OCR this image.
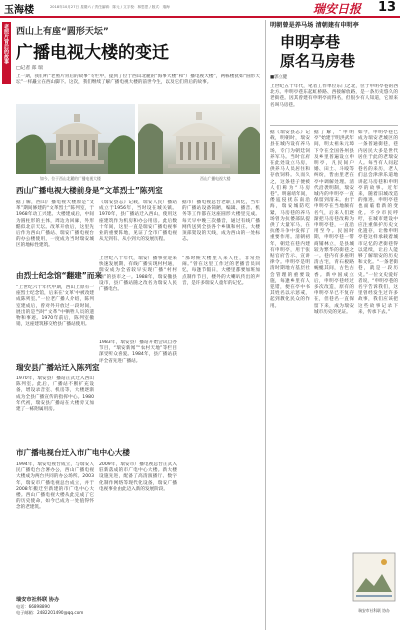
玉海楼	2018年10月27日 星期六 / 责任编辑：陈元 / 文字校：林思思 / 版式：瑞海	瑞安日报 13
老照片背后的故事 西山上有座“圆形天坛”
广播电视大楼的变迁
□记者 郑 瑞
上一期，我们听“老照片背后的故事”专栏中，提到了位于西山北麓的“海事大楼”和“广播电视大楼”，两栋楼犹如“圆形天坛”一样矗立在西山脚下。这次，我们继续了解广播电视大楼的前世今生，以及它们背后的故事。
如今，位于西山北麓的广播电视大楼	西山广播电视大楼
西山广播电视大楼前身是“文革烈士”陈列室
据了解，西山广播电视大楼原是“文革”期间修建的“文革烈士”陈列室，于1968年动工兴建。大楼建成后，中间为圆柱形的主体，周边为回廊，外形酷似北京天坛。改革开放后，这里先后作为西山广播站、瑞安广播电视台的办公楼使用，一度成为当时瑞安城区的地标性建筑。
《瑞安县志》记载，瑞安人民广播站成立于1956年，当时设在城关镇。1970年，县广播站迁入西山，使用这座建筑作为机房和办公用房。此后数十年间，这里一直是瑞安广播电视事业的重要阵地，见证了全市广播电视从无到有、从小到大的发展历程。
据市广播电视总台老职工回忆，当年的广播站设备简陋，编辑、播音、机务等工作都在这座圆形大楼里完成。每天早中晚三次播音，通过有线广播网传送到全县各个乡镇和村庄。大楼顶部架设的天线，成为西山的一处标志。
由烈士纪念馆“翻建”而来
“上世纪六十年代中期，西山上原有一座烈士纪念馆，后来在‘文革’中被改建成陈列室。”一位老广播人介绍，陈列室建成后，曾对外开放过一段时间，展出的是当时“文革”中牺牲人员的遗物和事迹。1970年前后，陈列室撤销，这座建筑移交给县广播站使用。
上世纪八十年代，瑞安广播事业迎来快速发展期，有线广播实现村村通，瑞安成为全省较早实现广播“村村响”的县市之一。1988年，瑞安撤县设市，县广播站随之改名为瑞安人民广播电台。
“那时候大楼里人来人往，非常热闹。”曾在这里工作过的老播音员回忆，每逢节假日，大楼里都要加班加点制作节目，楼外的大喇叭传出的声音，是许多瑞安人童年的记忆。
瑞安县广播站迁入陈列室
1970年，瑞安县广播站正式迁入西山陈列室。此后，广播站不断扩充设备，增设录音室、机房等，大楼逐渐成为全县广播宣传的指挥中心。1980年代初，瑞安县广播站在大楼旁又加建了一栋附属用房。
1983年，瑞安县广播站开始尝试自办节目，“瑞安新闻”“农村天地”等栏目深受听众喜爱。1984年，县广播站获评全省先进广播站。
市广播电视台迁入市广电中心大楼
1994年，瑞安电视台成立，与瑞安人民广播电台合署办公，西山广播电视大楼成为两台共同的办公场所。2003年，瑞安市广播电视总台成立，并于2008年搬迁至新建的市广电中心大楼。西山广播电视大楼从此完成了它的历史使命，如今已成为一处值得怀念的老建筑。
2009年，瑞安市广播电视总台正式入驻新落成的市广电中心大楼。新大楼设施先进，配备了高清演播厅、数字化制作网络等现代化设备，瑞安广播电视事业由此迈入新的发展阶段。
瑞安市社科联 协办
电话：66898890
电子邮箱：2482201490@qq.com
明朝曾是养马场 清朝建有申明亭
申明亭巷
原名马房巷
■郭立健
上世纪五十年代，笔者工作单位东门之北，位于申明亭巷的西北方。申明亭巷东起虹桥路、西接解放路，是一条历史悠久的老街巷。因其曾建有申明亭而得名，但很少有人知道，它原来名叫马房巷。
据《瑞安县志》记载，明朝时，瑞安县在城内设有养马场，专门为朝廷饲养军马。当时官府在此处设立马房，供养马人员居住和存放饲料。久而久之，这条巷子便被人们称为“马房巷”。明嘉靖年间，倭寇侵扰东南沿海，瑞安城防吃紧，马房巷的养马场曾为抗倭部队提供了大量军马，在抗倭斗争中发挥了重要作用。清朝初年，朝廷在巷内建有申明亭，用于张贴官府告示、宣讲律令。申明亭是明清时期地方基层社会管理的重要设施，每逢乡里有人犯错，便在亭中书其姓名以示惩戒，起到教化民众的作用。
据了解，“申明亭”始建于明洪武年间，明太祖朱元璋下令在全国各州县及乡里普遍设立申明亭，凡民间户婚、田土、斗殴等纠纷，皆由里老在亭中调解处理。清代沿袭明制，瑞安城内的申明亭一直保留到清末。由于申明亭在当地颇有名气，后来人们逐渐把马房巷改称为申明亭巷，一直沿用至今。民国时期，申明亭巷一带商铺林立，是县城较为繁华的街巷之一。巷内有多座明清古宅，青石板路蜿蜒其间，古色古香。新中国成立后，申明亭巷经过多次改造，原有的申明亭早已不复存在，但巷名一直保留下来，成为瑞安城市历史的见证。
如今，申明亭巷已成为瑞安老城区的一条普通街巷，巷内居民大多是世代居住于此的老瑞安人。每当有人问起巷名的来历，老人们总会津津乐道地讲起马房巷和申明亭的故事。近年来，随着旧城改造的推进，申明亭巷也面临着新的变化。不少市民呼吁，在城市建设中应注重保护历史文化遗存，让像申明亭巷这样承载着城市记忆的老街巷得以延续，让后人能够了解瑞安的历史和文化。“一条老街巷，就是一段历史。”一位文史爱好者说，“申明亭巷的名字告诉我们，这里曾经发生过许多故事，我们应该把这些故事记录下来，传承下去。”
瑞安市社科联 协办
